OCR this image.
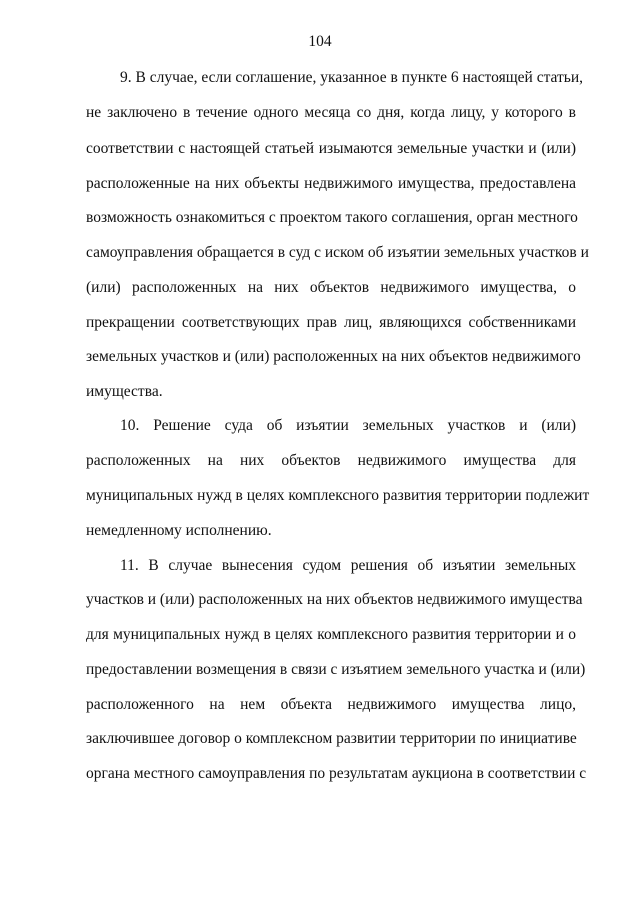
104
9. В случае, если соглашение, указанное в пункте 6 настоящей статьи,
не заключено в течение одного месяца со дня, когда лицу, у которого в
соответствии с настоящей статьей изымаются земельные участки и (или)
расположенные на них объекты недвижимого имущества, предоставлена
возможность ознакомиться с проектом такого соглашения, орган местного
самоуправления обращается в суд с иском об изъятии земельных участков и
(или) расположенных на них объектов недвижимого имущества, о
прекращении соответствующих прав лиц, являющихся собственниками
земельных участков и (или) расположенных на них объектов недвижимого
имущества.
10. Решение суда об изъятии земельных участков и (или)
расположенных на них объектов недвижимого имущества для
муниципальных нужд в целях комплексного развития территории подлежит
немедленному исполнению.
11. В случае вынесения судом решения об изъятии земельных
участков и (или) расположенных на них объектов недвижимого имущества
для муниципальных нужд в целях комплексного развития территории и о
предоставлении возмещения в связи с изъятием земельного участка и (или)
расположенного на нем объекта недвижимого имущества лицо,
заключившее договор о комплексном развитии территории по инициативе
органа местного самоуправления по результатам аукциона в соответствии с
